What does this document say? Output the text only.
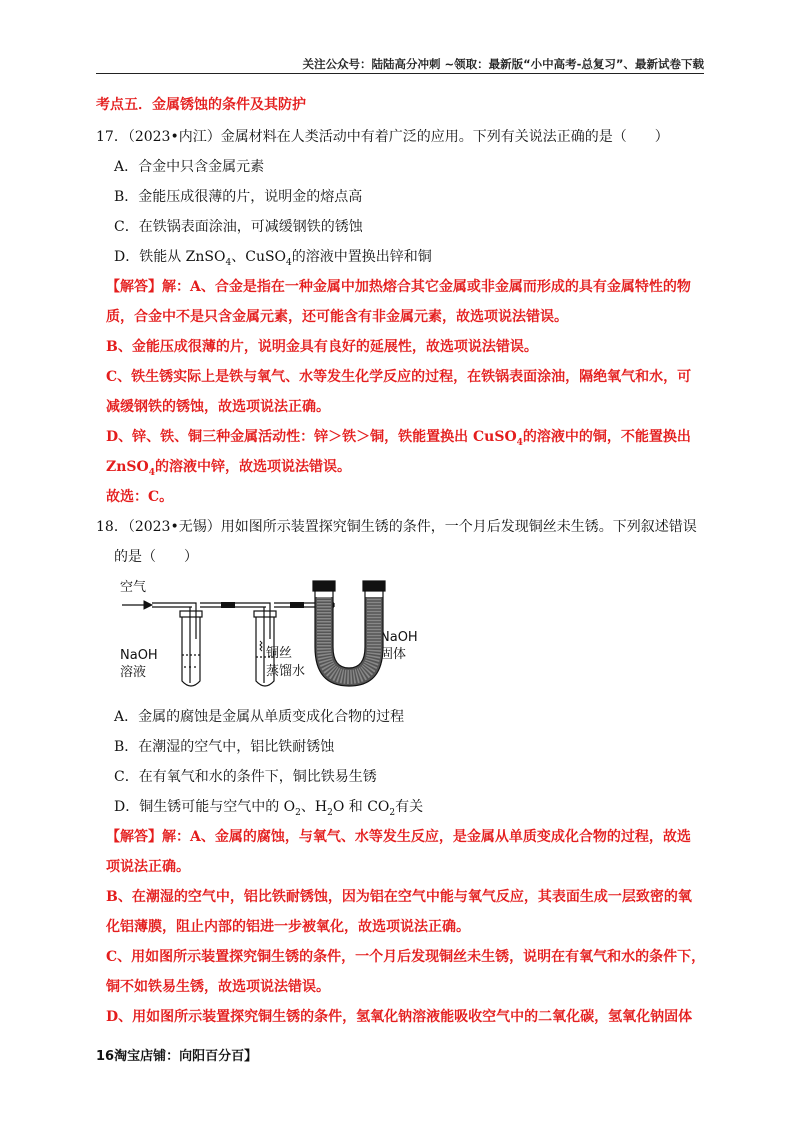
关注公众号：陆陆高分冲刺 ~领取：最新版“小中高考-总复习”、最新试卷下载
考点五．金属锈蚀的条件及其防护
17．（2023•内江）金属材料在人类活动中有着广泛的应用。下列有关说法正确的是（　　）
A．合金中只含金属元素
B．金能压成很薄的片，说明金的熔点高
C．在铁锅表面涂油，可减缓钢铁的锈蚀
D．铁能从 ZnSO$_4$、CuSO$_4$的溶液中置换出锌和铜
【解答】解：A、合金是指在一种金属中加热熔合其它金属或非金属而形成的具有金属特性的物
质，合金中不是只含金属元素，还可能含有非金属元素，故选项说法错误。
B、金能压成很薄的片，说明金具有良好的延展性，故选项说法错误。
C、铁生锈实际上是铁与氧气、水等发生化学反应的过程，在铁锅表面涂油，隔绝氧气和水，可
减缓钢铁的锈蚀，故选项说法正确。
D、锌、铁、铜三种金属活动性：锌＞铁＞铜，铁能置换出 CuSO$_4$的溶液中的铜，不能置换出
ZnSO$_4$的溶液中锌，故选项说法错误。
故选：C。
18．（2023•无锡）用如图所示装置探究铜生锈的条件，一个月后发现铜丝未生锈。下列叙述错误
的是（　　）
空气
NaOH
溶液
铜丝
蒸馏水
NaOH
固体
A．金属的腐蚀是金属从单质变成化合物的过程
B．在潮湿的空气中，铝比铁耐锈蚀
C．在有氧气和水的条件下，铜比铁易生锈
D．铜生锈可能与空气中的 $O_2$、$H_2O$ 和 $CO_2$有关
【解答】解：A、金属的腐蚀，与氧气、水等发生反应，是金属从单质变成化合物的过程，故选
项说法正确。
B、在潮湿的空气中，铝比铁耐锈蚀，因为铝在空气中能与氧气反应，其表面生成一层致密的氧
化铝薄膜，阻止内部的铝进一步被氧化，故选项说法正确。
C、用如图所示装置探究铜生锈的条件，一个月后发现铜丝未生锈，说明在有氧气和水的条件下，
铜不如铁易生锈，故选项说法错误。
D、用如图所示装置探究铜生锈的条件，氢氧化钠溶液能吸收空气中的二氧化碳，氢氧化钠固体
16淘宝店铺：向阳百分百】
